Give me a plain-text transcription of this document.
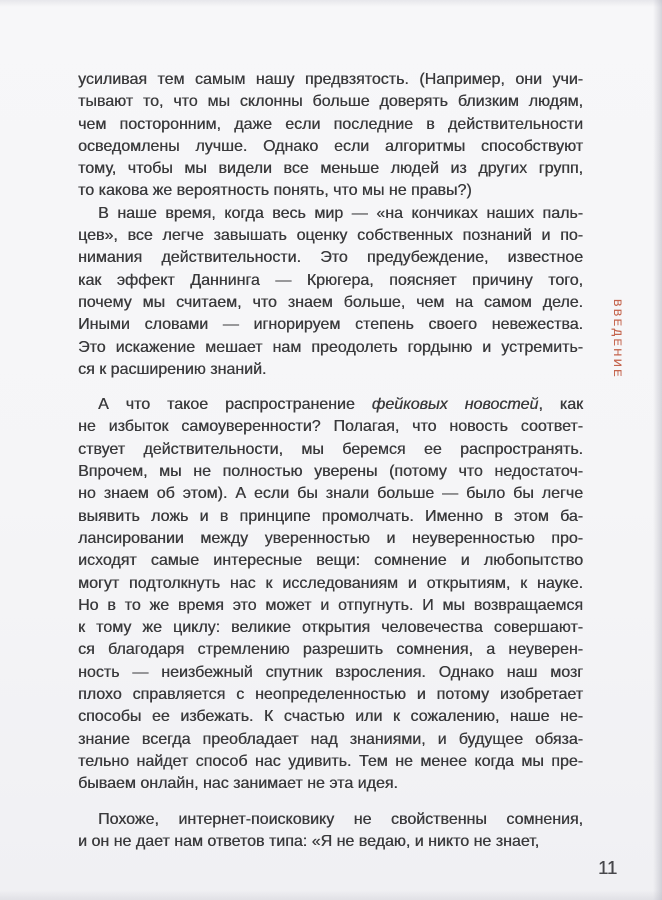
усиливая тем самым нашу предвзятость. (Например, они учи-
тывают то, что мы склонны больше доверять близким людям,
чем посторонним, даже если последние в действительности
осведомлены лучше. Однако если алгоритмы способствуют
тому, чтобы мы видели все меньше людей из других групп,
то какова же вероятность понять, что мы не правы?)
В наше время, когда весь мир — «на кончиках наших паль-
цев», все легче завышать оценку собственных познаний и по-
нимания действительности. Это предубеждение, известное
как эффект Даннинга — Крюгера, поясняет причину того,
почему мы считаем, что знаем больше, чем на самом деле.
Иными словами — игнорируем степень своего невежества.
Это искажение мешает нам преодолеть гордыню и устремить-
ся к расширению знаний.
А что такое распространение фейковых новостей, как
не избыток самоуверенности? Полагая, что новость соответ-
ствует действительности, мы беремся ее распространять.
Впрочем, мы не полностью уверены (потому что недостаточ-
но знаем об этом). А если бы знали больше — было бы легче
выявить ложь и в принципе промолчать. Именно в этом ба-
лансировании между уверенностью и неуверенностью про-
исходят самые интересные вещи: сомнение и любопытство
могут подтолкнуть нас к исследованиям и открытиям, к науке.
Но в то же время это может и отпугнуть. И мы возвращаемся
к тому же циклу: великие открытия человечества совершают-
ся благодаря стремлению разрешить сомнения, а неуверен-
ность — неизбежный спутник взросления. Однако наш мозг
плохо справляется с неопределенностью и потому изобретает
способы ее избежать. К счастью или к сожалению, наше не-
знание всегда преобладает над знаниями, и будущее обяза-
тельно найдет способ нас удивить. Тем не менее когда мы пре-
бываем онлайн, нас занимает не эта идея.
Похоже, интернет-поисковику не свойственны сомнения,
и он не дает нам ответов типа: «Я не ведаю, и никто не знает,
ВВЕДЕНИЕ
11
